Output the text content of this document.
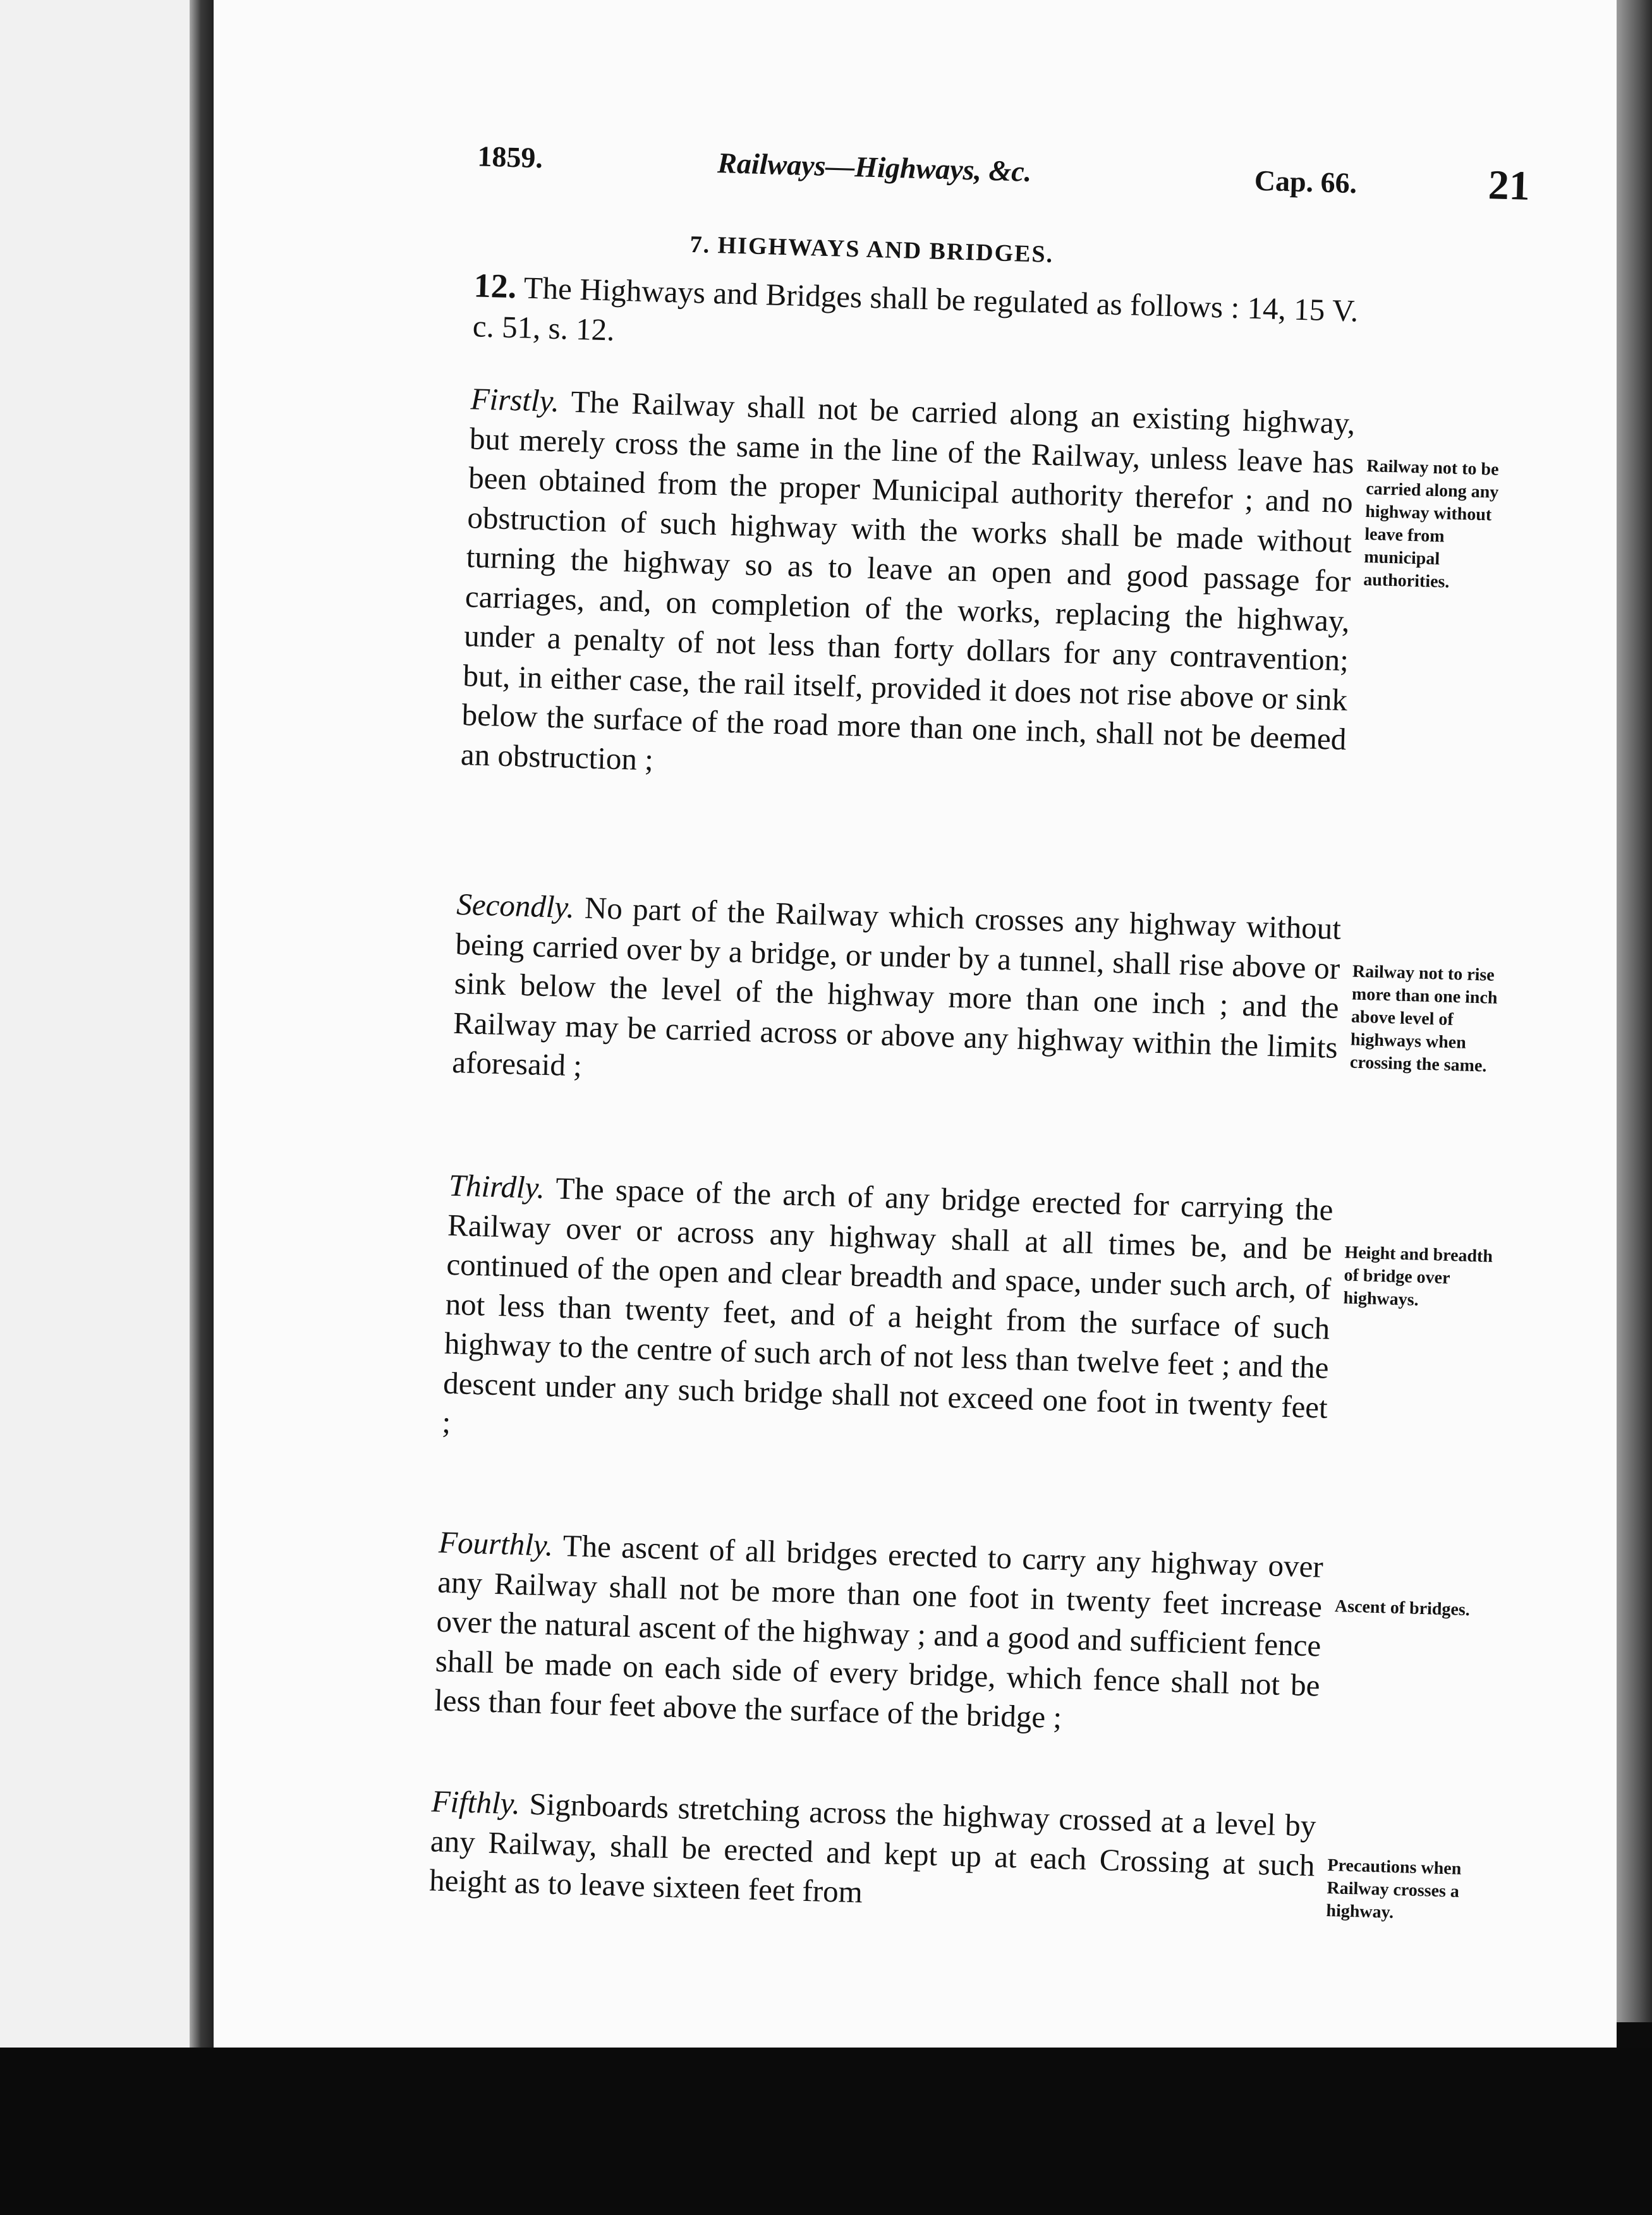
1859.	Railways—Highways, &c.	Cap. 66.	21
7. HIGHWAYS AND BRIDGES.

12. The Highways and Bridges shall be regulated as follows : 14, 15 V. c. 51, s. 12.

Firstly. The Railway shall not be carried along an existing highway, but merely cross the same in the line of the Railway, unless leave has been obtained from the proper Municipal authority therefor ; and no obstruction of such highway with the works shall be made without turning the highway so as to leave an open and good passage for carriages, and, on completion of the works, replacing the highway, under a penalty of not less than forty dollars for any contravention; but, in either case, the rail itself, provided it does not rise above or sink below the surface of the road more than one inch, shall not be deemed an obstruction ;

Railway not to be carried along any highway without leave from municipal authorities.

Secondly. No part of the Railway which crosses any highway without being carried over by a bridge, or under by a tunnel, shall rise above or sink below the level of the highway more than one inch ; and the Railway may be carried across or above any highway within the limits aforesaid ;

Railway not to rise more than one inch above level of highways when crossing the same.

Thirdly. The space of the arch of any bridge erected for carrying the Railway over or across any highway shall at all times be, and be continued of the open and clear breadth and space, under such arch, of not less than twenty feet, and of a height from the surface of such highway to the centre of such arch of not less than twelve feet ; and the descent under any such bridge shall not exceed one foot in twenty feet ;

Height and breadth of bridge over highways.

Fourthly. The ascent of all bridges erected to carry any highway over any Railway shall not be more than one foot in twenty feet increase over the natural ascent of the highway ; and a good and sufficient fence shall be made on each side of every bridge, which fence shall not be less than four feet above the surface of the bridge ;

Ascent of bridges.

Fifthly. Signboards stretching across the highway crossed at a level by any Railway, shall be erected and kept up at each Crossing at such height as to leave sixteen feet from	Precautions when Railway crosses a highway.
